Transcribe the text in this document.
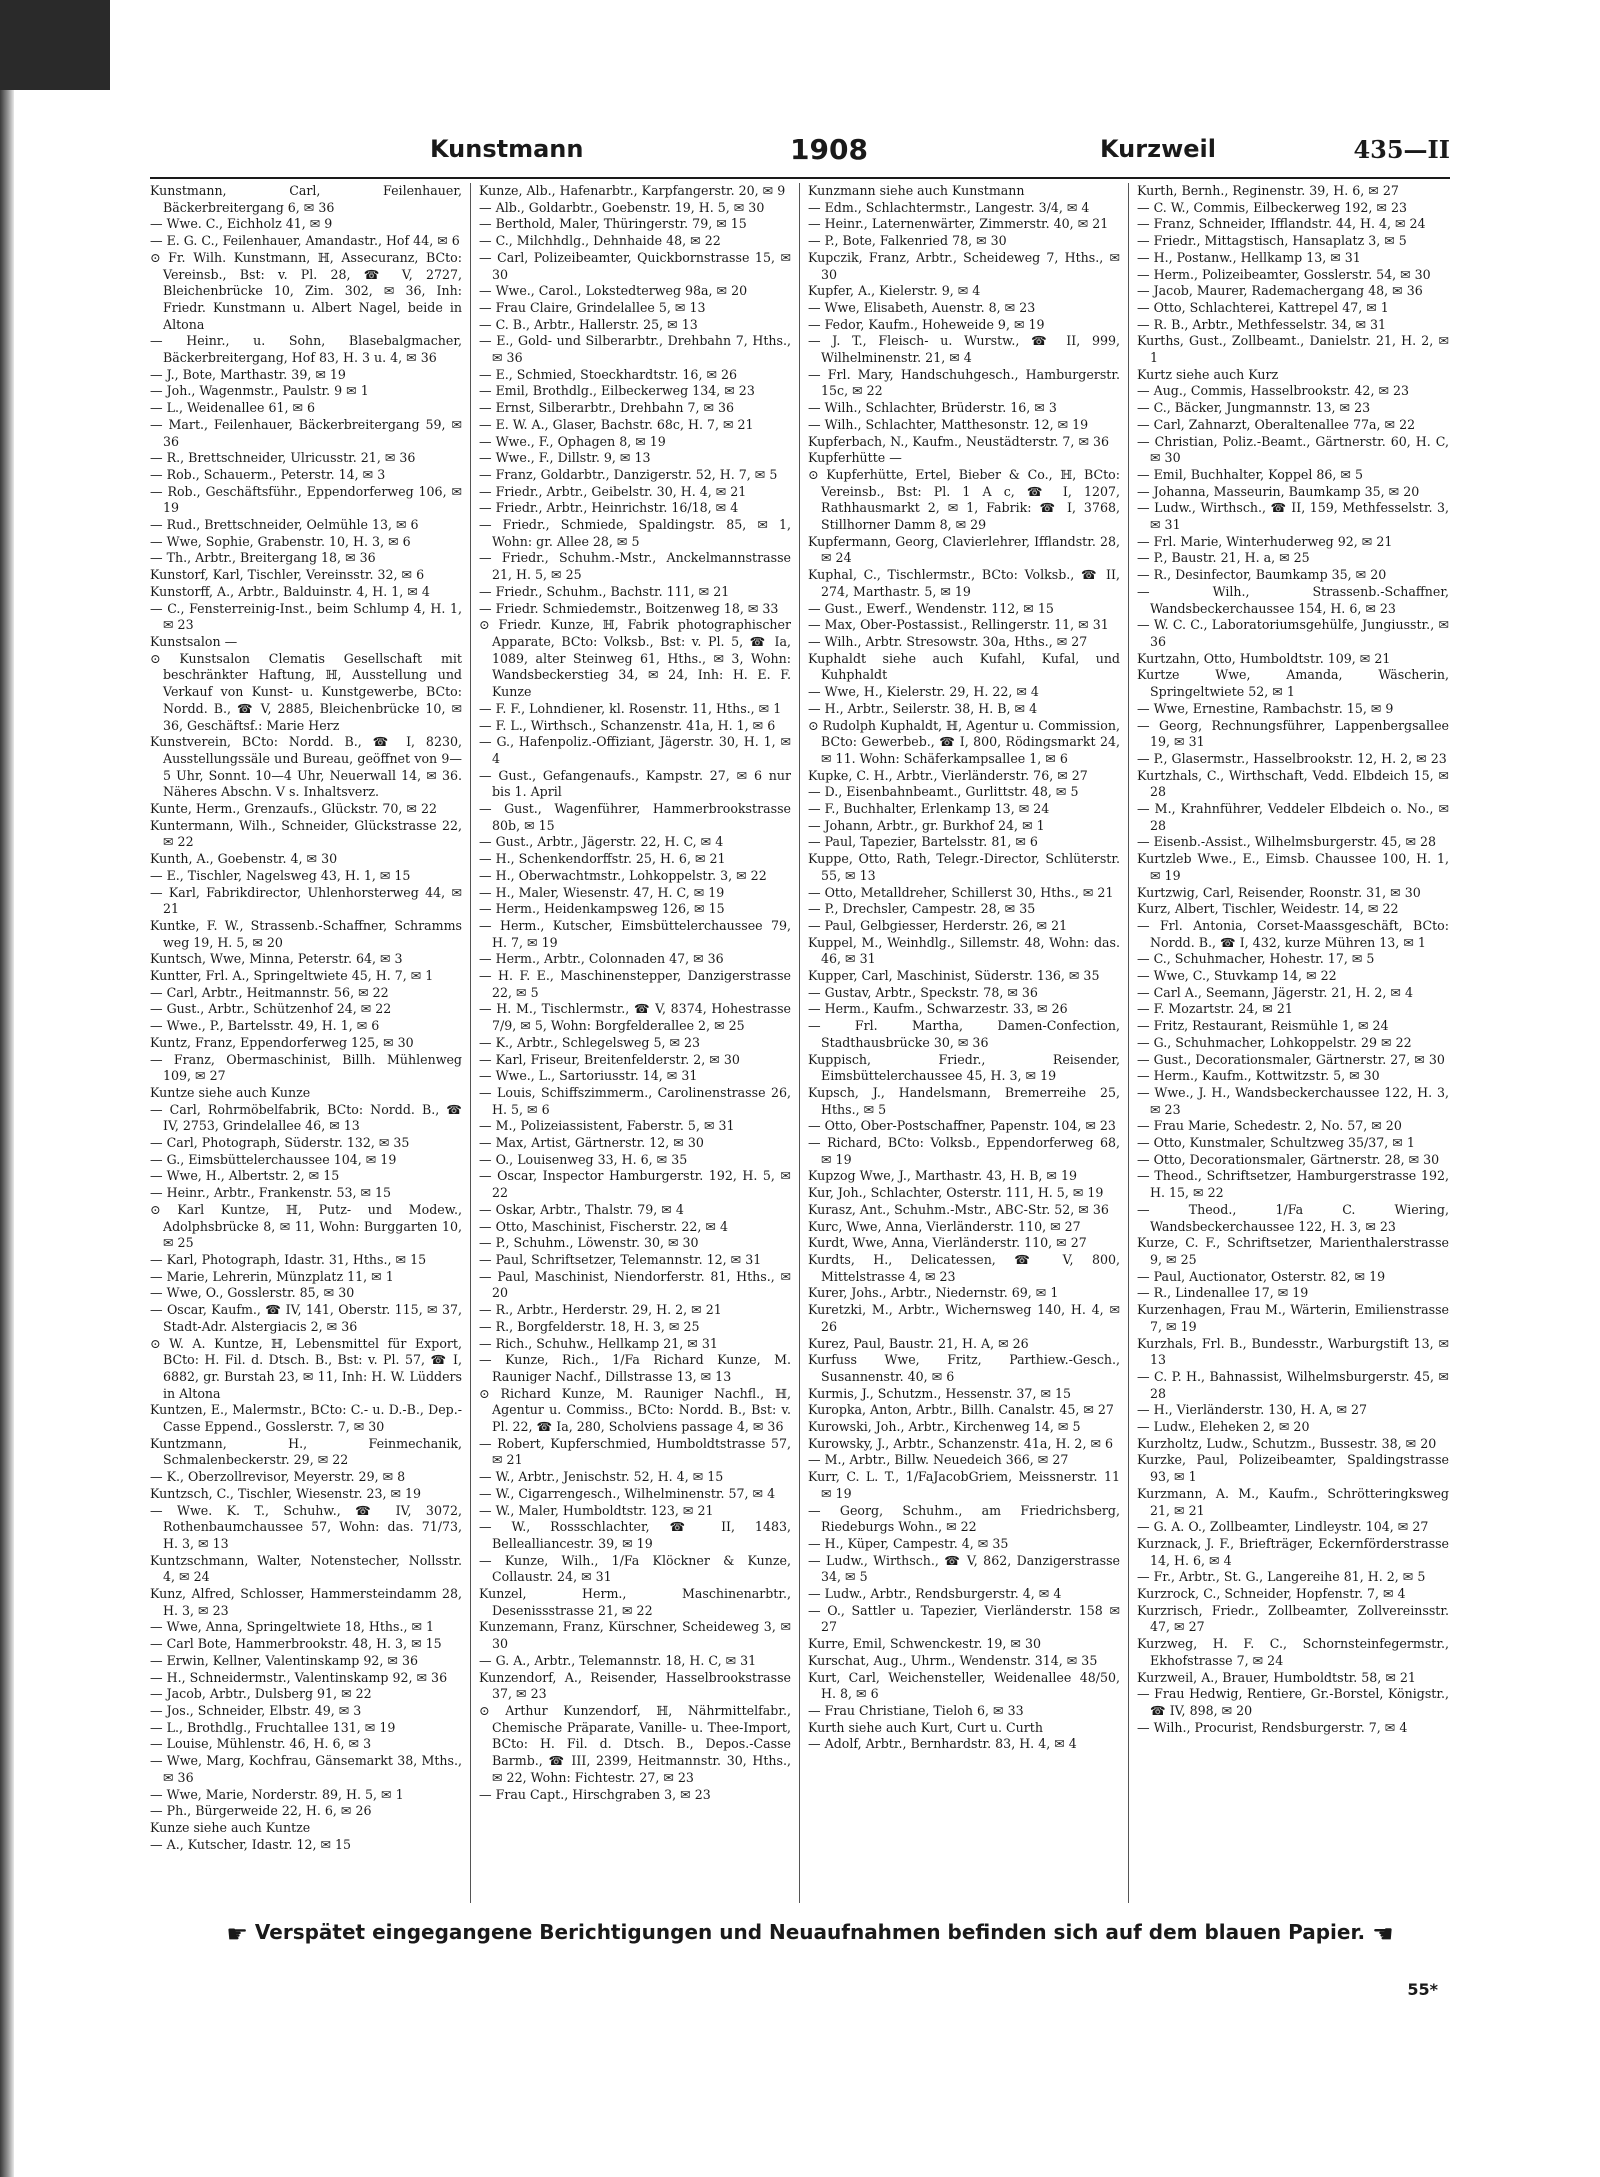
Kunstmann	1908	Kurzweil	435—II
Kunstmann, Carl, Feilenhauer, Bäckerbreitergang 6, ✉ 36
— Wwe. C., Eichholz 41, ✉ 9
— E. G. C., Feilenhauer, Amandastr., Hof 44, ✉ 6
⊙ Fr. Wilh. Kunstmann, ℍ, Assecuranz, BCto: Vereinsb., Bst: v. Pl. 28, ☎ V, 2727, Bleichenbrücke 10, Zim. 302, ✉ 36, Inh: Friedr. Kunstmann u. Albert Nagel, beide in Altona
— Heinr., u. Sohn, Blasebalgmacher, Bäckerbreitergang, Hof 83, H. 3 u. 4, ✉ 36
— J., Bote, Marthastr. 39, ✉ 19
— Joh., Wagenmstr., Paulstr. 9 ✉ 1
— L., Weidenallee 61, ✉ 6
— Mart., Feilenhauer, Bäckerbreitergang 59, ✉ 36
— R., Brettschneider, Ulricusstr. 21, ✉ 36
— Rob., Schauerm., Peterstr. 14, ✉ 3
— Rob., Geschäftsführ., Eppendorferweg 106, ✉ 19
— Rud., Brettschneider, Oelmühle 13, ✉ 6
— Wwe, Sophie, Grabenstr. 10, H. 3, ✉ 6
— Th., Arbtr., Breitergang 18, ✉ 36
Kunstorf, Karl, Tischler, Vereinsstr. 32, ✉ 6
Kunstorff, A., Arbtr., Balduinstr. 4, H. 1, ✉ 4
— C., Fensterreinig-Inst., beim Schlump 4, H. 1, ✉ 23
Kunstsalon —
⊙ Kunstsalon Clematis Gesellschaft mit beschränkter Haftung, ℍ, Ausstellung und Verkauf von Kunst- u. Kunstgewerbe, BCto: Nordd. B., ☎ V, 2885, Bleichenbrücke 10, ✉ 36, Geschäftsf.: Marie Herz
Kunstverein, BCto: Nordd. B., ☎ I, 8230, Ausstellungssäle und Bureau, geöffnet von 9—5 Uhr, Sonnt. 10—4 Uhr, Neuerwall 14, ✉ 36. Näheres Abschn. V s. Inhaltsverz.
Kunte, Herm., Grenzaufs., Glückstr. 70, ✉ 22
Kuntermann, Wilh., Schneider, Glückstrasse 22, ✉ 22
Kunth, A., Goebenstr. 4, ✉ 30
— E., Tischler, Nagelsweg 43, H. 1, ✉ 15
— Karl, Fabrikdirector, Uhlenhorsterweg 44, ✉ 21
Kuntke, F. W., Strassenb.-Schaffner, Schramms weg 19, H. 5, ✉ 20
Kuntsch, Wwe, Minna, Peterstr. 64, ✉ 3
Kuntter, Frl. A., Springeltwiete 45, H. 7, ✉ 1
— Carl, Arbtr., Heitmannstr. 56, ✉ 22
— Gust., Arbtr., Schützenhof 24, ✉ 22
— Wwe., P., Bartelsstr. 49, H. 1, ✉ 6
Kuntz, Franz, Eppendorferweg 125, ✉ 30
— Franz, Obermaschinist, Billh. Mühlenweg 109, ✉ 27
Kuntze siehe auch Kunze
— Carl, Rohrmöbelfabrik, BCto: Nordd. B., ☎ IV, 2753, Grindelallee 46, ✉ 13
— Carl, Photograph, Süderstr. 132, ✉ 35
— G., Eimsbüttelerchaussee 104, ✉ 19
— Wwe, H., Albertstr. 2, ✉ 15
— Heinr., Arbtr., Frankenstr. 53, ✉ 15
⊙ Karl Kuntze, ℍ, Putz- und Modew., Adolphsbrücke 8, ✉ 11, Wohn: Burggarten 10, ✉ 25
— Karl, Photograph, Idastr. 31, Hths., ✉ 15
— Marie, Lehrerin, Münzplatz 11, ✉ 1
— Wwe, O., Gosslerstr. 85, ✉ 30
— Oscar, Kaufm., ☎ IV, 141, Oberstr. 115, ✉ 37, Stadt-Adr. Alstergiacis 2, ✉ 36
⊙ W. A. Kuntze, ℍ, Lebensmittel für Export, BCto: H. Fil. d. Dtsch. B., Bst: v. Pl. 57, ☎ I, 6882, gr. Burstah 23, ✉ 11, Inh: H. W. Lüdders in Altona
Kuntzen, E., Malermstr., BCto: C.- u. D.-B., Dep.-Casse Eppend., Gosslerstr. 7, ✉ 30
Kuntzmann, H., Feinmechanik, Schmalenbeckerstr. 29, ✉ 22
— K., Oberzollrevisor, Meyerstr. 29, ✉ 8
Kuntzsch, C., Tischler, Wiesenstr. 23, ✉ 19
— Wwe. K. T., Schuhw., ☎ IV, 3072, Rothenbaumchaussee 57, Wohn: das. 71/73, H. 3, ✉ 13
Kuntzschmann, Walter, Notenstecher, Nollsstr. 4, ✉ 24
Kunz, Alfred, Schlosser, Hammersteindamm 28, H. 3, ✉ 23
— Wwe, Anna, Springeltwiete 18, Hths., ✉ 1
— Carl Bote, Hammerbrookstr. 48, H. 3, ✉ 15
— Erwin, Kellner, Valentinskamp 92, ✉ 36
— H., Schneidermstr., Valentinskamp 92, ✉ 36
— Jacob, Arbtr., Dulsberg 91, ✉ 22
— Jos., Schneider, Elbstr. 49, ✉ 3
— L., Brothdlg., Fruchtallee 131, ✉ 19
— Louise, Mühlenstr. 46, H. 6, ✉ 3
— Wwe, Marg, Kochfrau, Gänsemarkt 38, Mths., ✉ 36
— Wwe, Marie, Norderstr. 89, H. 5, ✉ 1
— Ph., Bürgerweide 22, H. 6, ✉ 26
Kunze siehe auch Kuntze
— A., Kutscher, Idastr. 12, ✉ 15
Kunze, Alb., Hafenarbtr., Karpfangerstr. 20, ✉ 9
— Alb., Goldarbtr., Goebenstr. 19, H. 5, ✉ 30
— Berthold, Maler, Thüringerstr. 79, ✉ 15
— C., Milchhdlg., Dehnhaide 48, ✉ 22
— Carl, Polizeibeamter, Quickbornstrasse 15, ✉ 30
— Wwe., Carol., Lokstedterweg 98a, ✉ 20
— Frau Claire, Grindelallee 5, ✉ 13
— C. B., Arbtr., Hallerstr. 25, ✉ 13
— E., Gold- und Silberarbtr., Drehbahn 7, Hths., ✉ 36
— E., Schmied, Stoeckhardtstr. 16, ✉ 26
— Emil, Brothdlg., Eilbeckerweg 134, ✉ 23
— Ernst, Silberarbtr., Drehbahn 7, ✉ 36
— E. W. A., Glaser, Bachstr. 68c, H. 7, ✉ 21
— Wwe., F., Ophagen 8, ✉ 19
— Wwe., F., Dillstr. 9, ✉ 13
— Franz, Goldarbtr., Danzigerstr. 52, H. 7, ✉ 5
— Friedr., Arbtr., Geibelstr. 30, H. 4, ✉ 21
— Friedr., Arbtr., Heinrichstr. 16/18, ✉ 4
— Friedr., Schmiede, Spaldingstr. 85, ✉ 1, Wohn: gr. Allee 28, ✉ 5
— Friedr., Schuhm.-Mstr., Anckelmannstrasse 21, H. 5, ✉ 25
— Friedr., Schuhm., Bachstr. 111, ✉ 21
— Friedr. Schmiedemstr., Boitzenweg 18, ✉ 33
⊙ Friedr. Kunze, ℍ, Fabrik photographischer Apparate, BCto: Volksb., Bst: v. Pl. 5, ☎ Ia, 1089, alter Steinweg 61, Hths., ✉ 3, Wohn: Wandsbeckerstieg 34, ✉ 24, Inh: H. E. F. Kunze
— F. F., Lohndiener, kl. Rosenstr. 11, Hths., ✉ 1
— F. L., Wirthsch., Schanzenstr. 41a, H. 1, ✉ 6
— G., Hafenpoliz.-Offiziant, Jägerstr. 30, H. 1, ✉ 4
— Gust., Gefangenaufs., Kampstr. 27, ✉ 6 nur bis 1. April
— Gust., Wagenführer, Hammerbrookstrasse 80b, ✉ 15
— Gust., Arbtr., Jägerstr. 22, H. C, ✉ 4
— H., Schenkendorffstr. 25, H. 6, ✉ 21
— H., Oberwachtmstr., Lohkoppelstr. 3, ✉ 22
— H., Maler, Wiesenstr. 47, H. C, ✉ 19
— Herm., Heidenkampsweg 126, ✉ 15
— Herm., Kutscher, Eimsbüttelerchaussee 79, H. 7, ✉ 19
— Herm., Arbtr., Colonnaden 47, ✉ 36
— H. F. E., Maschinenstepper, Danzigerstrasse 22, ✉ 5
— H. M., Tischlermstr., ☎ V, 8374, Hohestrasse 7/9, ✉ 5, Wohn: Borgfelderallee 2, ✉ 25
— K., Arbtr., Schlegelsweg 5, ✉ 23
— Karl, Friseur, Breitenfelderstr. 2, ✉ 30
— Wwe., L., Sartoriusstr. 14, ✉ 31
— Louis, Schiffszimmerm., Carolinenstrasse 26, H. 5, ✉ 6
— M., Polizeiassistent, Faberstr. 5, ✉ 31
— Max, Artist, Gärtnerstr. 12, ✉ 30
— O., Louisenweg 33, H. 6, ✉ 35
— Oscar, Inspector Hamburgerstr. 192, H. 5, ✉ 22
— Oskar, Arbtr., Thalstr. 79, ✉ 4
— Otto, Maschinist, Fischerstr. 22, ✉ 4
— P., Schuhm., Löwenstr. 30, ✉ 30
— Paul, Schriftsetzer, Telemannstr. 12, ✉ 31
— Paul, Maschinist, Niendorferstr. 81, Hths., ✉ 20
— R., Arbtr., Herderstr. 29, H. 2, ✉ 21
— R., Borgfelderstr. 18, H. 3, ✉ 25
— Rich., Schuhw., Hellkamp 21, ✉ 31
— Kunze, Rich., 1/Fa Richard Kunze, M. Rauniger Nachf., Dillstrasse 13, ✉ 13
⊙ Richard Kunze, M. Rauniger Nachfl., ℍ, Agentur u. Commiss., BCto: Nordd. B., Bst: v. Pl. 22, ☎ Ia, 280, Scholviens passage 4, ✉ 36
— Robert, Kupferschmied, Humboldtstrasse 57, ✉ 21
— W., Arbtr., Jenischstr. 52, H. 4, ✉ 15
— W., Cigarrengesch., Wilhelminenstr. 57, ✉ 4
— W., Maler, Humboldtstr. 123, ✉ 21
— W., Rossschlachter, ☎ II, 1483, Bellealliancestr. 39, ✉ 19
— Kunze, Wilh., 1/Fa Klöckner & Kunze, Collaustr. 24, ✉ 31
Kunzel, Herm., Maschinenarbtr., Desenissstrasse 21, ✉ 22
Kunzemann, Franz, Kürschner, Scheideweg 3, ✉ 30
— G. A., Arbtr., Telemannstr. 18, H. C, ✉ 31
Kunzendorf, A., Reisender, Hasselbrookstrasse 37, ✉ 23
⊙ Arthur Kunzendorf, ℍ, Nährmittelfabr., Chemische Präparate, Vanille- u. Thee-Import, BCto: H. Fil. d. Dtsch. B., Depos.-Casse Barmb., ☎ III, 2399, Heitmannstr. 30, Hths., ✉ 22, Wohn: Fichtestr. 27, ✉ 23
— Frau Capt., Hirschgraben 3, ✉ 23
Kunzmann siehe auch Kunstmann
— Edm., Schlachtermstr., Langestr. 3/4, ✉ 4
— Heinr., Laternenwärter, Zimmerstr. 40, ✉ 21
— P., Bote, Falkenried 78, ✉ 30
Kupczik, Franz, Arbtr., Scheideweg 7, Hths., ✉ 30
Kupfer, A., Kielerstr. 9, ✉ 4
— Wwe, Elisabeth, Auenstr. 8, ✉ 23
— Fedor, Kaufm., Hoheweide 9, ✉ 19
— J. T., Fleisch- u. Wurstw., ☎ II, 999, Wilhelminenstr. 21, ✉ 4
— Frl. Mary, Handschuhgesch., Hamburgerstr. 15c, ✉ 22
— Wilh., Schlachter, Brüderstr. 16, ✉ 3
— Wilh., Schlachter, Matthesonstr. 12, ✉ 19
Kupferbach, N., Kaufm., Neustädterstr. 7, ✉ 36
Kupferhütte —
⊙ Kupferhütte, Ertel, Bieber & Co., ℍ, BCto: Vereinsb., Bst: Pl. 1 A c, ☎ I, 1207, Rathhausmarkt 2, ✉ 1, Fabrik: ☎ I, 3768, Stillhorner Damm 8, ✉ 29
Kupfermann, Georg, Clavierlehrer, Ifflandstr. 28, ✉ 24
Kuphal, C., Tischlermstr., BCto: Volksb., ☎ II, 274, Marthastr. 5, ✉ 19
— Gust., Ewerf., Wendenstr. 112, ✉ 15
— Max, Ober-Postassist., Rellingerstr. 11, ✉ 31
— Wilh., Arbtr. Stresowstr. 30a, Hths., ✉ 27
Kuphaldt siehe auch Kufahl, Kufal, und Kuhphaldt
— Wwe, H., Kielerstr. 29, H. 22, ✉ 4
— H., Arbtr., Seilerstr. 38, H. B, ✉ 4
⊙ Rudolph Kuphaldt, ℍ, Agentur u. Commission, BCto: Gewerbeb., ☎ I, 800, Rödingsmarkt 24, ✉ 11. Wohn: Schäferkampsallee 1, ✉ 6
Kupke, C. H., Arbtr., Vierländerstr. 76, ✉ 27
— D., Eisenbahnbeamt., Gurlittstr. 48, ✉ 5
— F., Buchhalter, Erlenkamp 13, ✉ 24
— Johann, Arbtr., gr. Burkhof 24, ✉ 1
— Paul, Tapezier, Bartelsstr. 81, ✉ 6
Kuppe, Otto, Rath, Telegr.-Director, Schlüterstr. 55, ✉ 13
— Otto, Metalldreher, Schillerst 30, Hths., ✉ 21
— P., Drechsler, Campestr. 28, ✉ 35
— Paul, Gelbgiesser, Herderstr. 26, ✉ 21
Kuppel, M., Weinhdlg., Sillemstr. 48, Wohn: das. 46, ✉ 31
Kupper, Carl, Maschinist, Süderstr. 136, ✉ 35
— Gustav, Arbtr., Speckstr. 78, ✉ 36
— Herm., Kaufm., Schwarzestr. 33, ✉ 26
— Frl. Martha, Damen-Confection, Stadthausbrücke 30, ✉ 36
Kuppisch, Friedr., Reisender, Eimsbüttelerchaussee 45, H. 3, ✉ 19
Kupsch, J., Handelsmann, Bremerreihe 25, Hths., ✉ 5
— Otto, Ober-Postschaffner, Papenstr. 104, ✉ 23
— Richard, BCto: Volksb., Eppendorferweg 68, ✉ 19
Kupzog Wwe, J., Marthastr. 43, H. B, ✉ 19
Kur, Joh., Schlachter, Osterstr. 111, H. 5, ✉ 19
Kurasz, Ant., Schuhm.-Mstr., ABC-Str. 52, ✉ 36
Kurc, Wwe, Anna, Vierländerstr. 110, ✉ 27
Kurdt, Wwe, Anna, Vierländerstr. 110, ✉ 27
Kurdts, H., Delicatessen, ☎ V, 800, Mittelstrasse 4, ✉ 23
Kurer, Johs., Arbtr., Niedernstr. 69, ✉ 1
Kuretzki, M., Arbtr., Wichernsweg 140, H. 4, ✉ 26
Kurez, Paul, Baustr. 21, H. A, ✉ 26
Kurfuss Wwe, Fritz, Parthiew.-Gesch., Susannenstr. 40, ✉ 6
Kurmis, J., Schutzm., Hessenstr. 37, ✉ 15
Kuropka, Anton, Arbtr., Billh. Canalstr. 45, ✉ 27
Kurowski, Joh., Arbtr., Kirchenweg 14, ✉ 5
Kurowsky, J., Arbtr., Schanzenstr. 41a, H. 2, ✉ 6
— M., Arbtr., Billw. Neuedeich 366, ✉ 27
Kurr, C. L. T., 1/FaJacobGriem, Meissnerstr. 11 ✉ 19
— Georg, Schuhm., am Friedrichsberg, Riedeburgs Wohn., ✉ 22
— H., Küper, Campestr. 4, ✉ 35
— Ludw., Wirthsch., ☎ V, 862, Danzigerstrasse 34, ✉ 5
— Ludw., Arbtr., Rendsburgerstr. 4, ✉ 4
— O., Sattler u. Tapezier, Vierländerstr. 158 ✉ 27
Kurre, Emil, Schwenckestr. 19, ✉ 30
Kurschat, Aug., Uhrm., Wendenstr. 314, ✉ 35
Kurt, Carl, Weichensteller, Weidenallee 48/50, H. 8, ✉ 6
— Frau Christiane, Tieloh 6, ✉ 33
Kurth siehe auch Kurt, Curt u. Curth
— Adolf, Arbtr., Bernhardstr. 83, H. 4, ✉ 4
Kurth, Bernh., Reginenstr. 39, H. 6, ✉ 27
— C. W., Commis, Eilbeckerweg 192, ✉ 23
— Franz, Schneider, Ifflandstr. 44, H. 4, ✉ 24
— Friedr., Mittagstisch, Hansaplatz 3, ✉ 5
— H., Postanw., Hellkamp 13, ✉ 31
— Herm., Polizeibeamter, Gosslerstr. 54, ✉ 30
— Jacob, Maurer, Rademachergang 48, ✉ 36
— Otto, Schlachterei, Kattrepel 47, ✉ 1
— R. B., Arbtr., Methfesselstr. 34, ✉ 31
Kurths, Gust., Zollbeamt., Danielstr. 21, H. 2, ✉ 1
Kurtz siehe auch Kurz
— Aug., Commis, Hasselbrookstr. 42, ✉ 23
— C., Bäcker, Jungmannstr. 13, ✉ 23
— Carl, Zahnarzt, Oberaltenallee 77a, ✉ 22
— Christian, Poliz.-Beamt., Gärtnerstr. 60, H. C, ✉ 30
— Emil, Buchhalter, Koppel 86, ✉ 5
— Johanna, Masseurin, Baumkamp 35, ✉ 20
— Ludw., Wirthsch., ☎ II, 159, Methfesselstr. 3, ✉ 31
— Frl. Marie, Winterhuderweg 92, ✉ 21
— P., Baustr. 21, H. a, ✉ 25
— R., Desinfector, Baumkamp 35, ✉ 20
— Wilh., Strassenb.-Schaffner, Wandsbeckerchaussee 154, H. 6, ✉ 23
— W. C. C., Laboratoriumsgehülfe, Jungiusstr., ✉ 36
Kurtzahn, Otto, Humboldtstr. 109, ✉ 21
Kurtze Wwe, Amanda, Wäscherin, Springeltwiete 52, ✉ 1
— Wwe, Ernestine, Rambachstr. 15, ✉ 9
— Georg, Rechnungsführer, Lappenbergsallee 19, ✉ 31
— P., Glasermstr., Hasselbrookstr. 12, H. 2, ✉ 23
Kurtzhals, C., Wirthschaft, Vedd. Elbdeich 15, ✉ 28
— M., Krahnführer, Veddeler Elbdeich o. No., ✉ 28
— Eisenb.-Assist., Wilhelmsburgerstr. 45, ✉ 28
Kurtzleb Wwe., E., Eimsb. Chaussee 100, H. 1, ✉ 19
Kurtzwig, Carl, Reisender, Roonstr. 31, ✉ 30
Kurz, Albert, Tischler, Weidestr. 14, ✉ 22
— Frl. Antonia, Corset-Maassgeschäft, BCto: Nordd. B., ☎ I, 432, kurze Mühren 13, ✉ 1
— C., Schuhmacher, Hohestr. 17, ✉ 5
— Wwe, C., Stuvkamp 14, ✉ 22
— Carl A., Seemann, Jägerstr. 21, H. 2, ✉ 4
— F. Mozartstr. 24, ✉ 21
— Fritz, Restaurant, Reismühle 1, ✉ 24
— G., Schuhmacher, Lohkoppelstr. 29 ✉ 22
— Gust., Decorationsmaler, Gärtnerstr. 27, ✉ 30
— Herm., Kaufm., Kottwitzstr. 5, ✉ 30
— Wwe., J. H., Wandsbeckerchaussee 122, H. 3, ✉ 23
— Frau Marie, Schedestr. 2, No. 57, ✉ 20
— Otto, Kunstmaler, Schultzweg 35/37, ✉ 1
— Otto, Decorationsmaler, Gärtnerstr. 28, ✉ 30
— Theod., Schriftsetzer, Hamburgerstrasse 192, H. 15, ✉ 22
— Theod., 1/Fa C. Wiering, Wandsbeckerchaussee 122, H. 3, ✉ 23
Kurze, C. F., Schriftsetzer, Marienthalerstrasse 9, ✉ 25
— Paul, Auctionator, Osterstr. 82, ✉ 19
— R., Lindenallee 17, ✉ 19
Kurzenhagen, Frau M., Wärterin, Emilienstrasse 7, ✉ 19
Kurzhals, Frl. B., Bundesstr., Warburgstift 13, ✉ 13
— C. P. H., Bahnassist, Wilhelmsburgerstr. 45, ✉ 28
— H., Vierländerstr. 130, H. A, ✉ 27
— Ludw., Eleheken 2, ✉ 20
Kurzholtz, Ludw., Schutzm., Bussestr. 38, ✉ 20
Kurzke, Paul, Polizeibeamter, Spaldingstrasse 93, ✉ 1
Kurzmann, A. M., Kaufm., Schrötteringksweg 21, ✉ 21
— G. A. O., Zollbeamter, Lindleystr. 104, ✉ 27
Kurznack, J. F., Briefträger, Eckernförderstrasse 14, H. 6, ✉ 4
— Fr., Arbtr., St. G., Langereihe 81, H. 2, ✉ 5
Kurzrock, C., Schneider, Hopfenstr. 7, ✉ 4
Kurzrisch, Friedr., Zollbeamter, Zollvereinsstr. 47, ✉ 27
Kurzweg, H. F. C., Schornsteinfegermstr., Ekhofstrasse 7, ✉ 24
Kurzweil, A., Brauer, Humboldtstr. 58, ✉ 21
— Frau Hedwig, Rentiere, Gr.-Borstel, Königstr., ☎ IV, 898, ✉ 20
— Wilh., Procurist, Rendsburgerstr. 7, ✉ 4
☛ Verspätet eingegangene Berichtigungen und Neuaufnahmen befinden sich auf dem blauen Papier. ☚
55*
